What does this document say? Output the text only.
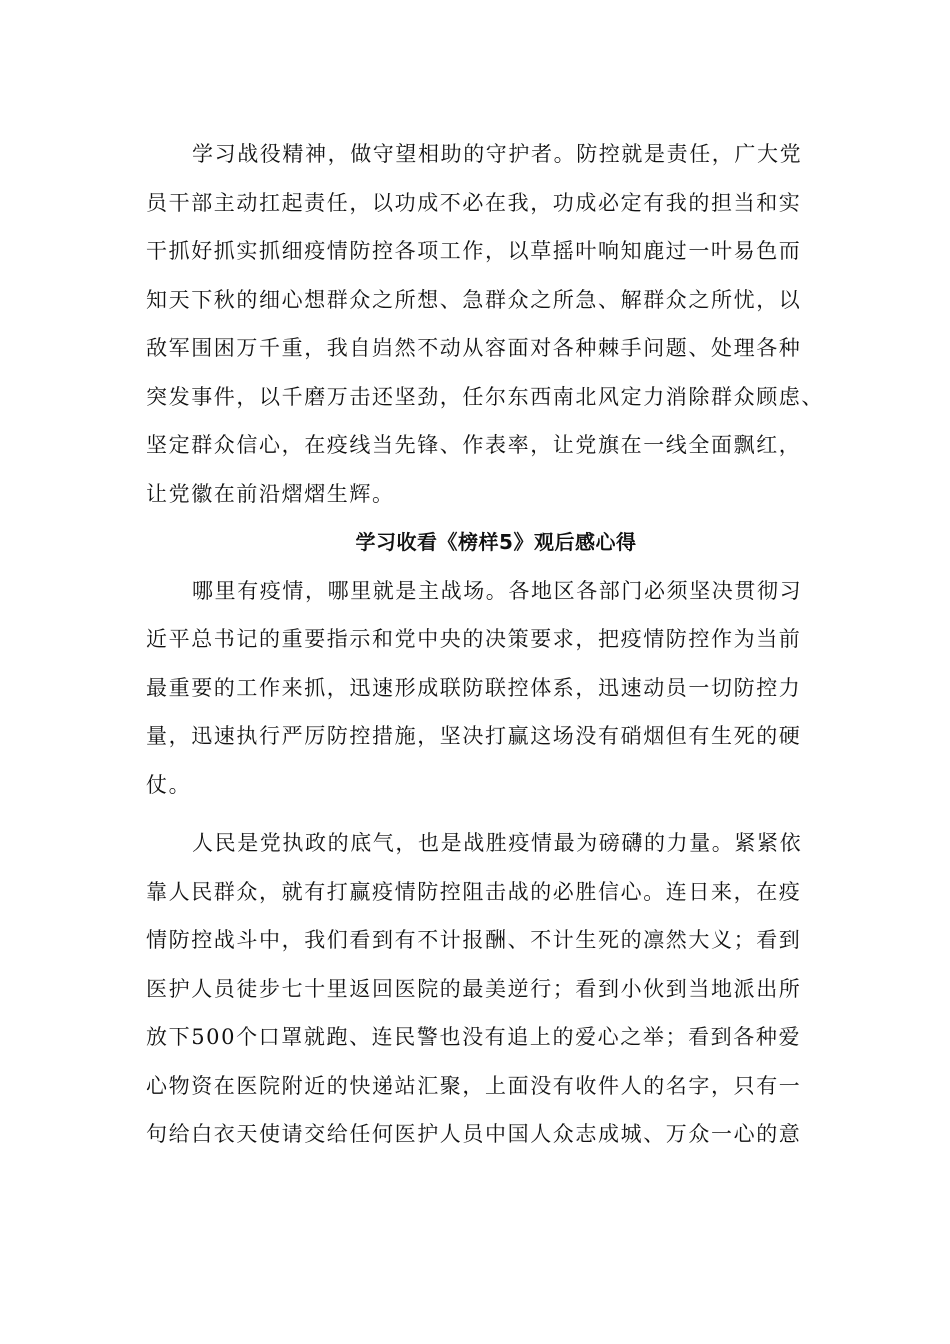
学习战役精神，做守望相助的守护者。防控就是责任，广大党
员干部主动扛起责任，以功成不必在我，功成必定有我的担当和实
干抓好抓实抓细疫情防控各项工作，以草摇叶响知鹿过一叶易色而
知天下秋的细心想群众之所想、急群众之所急、解群众之所忧，以
敌军围困万千重，我自岿然不动从容面对各种棘手问题、处理各种
突发事件，以千磨万击还坚劲，任尔东西南北风定力消除群众顾虑、
坚定群众信心，在疫线当先锋、作表率，让党旗在一线全面飘红，
让党徽在前沿熠熠生辉。
学习收看《榜样5》观后感心得
哪里有疫情，哪里就是主战场。各地区各部门必须坚决贯彻习
近平总书记的重要指示和党中央的决策要求，把疫情防控作为当前
最重要的工作来抓，迅速形成联防联控体系，迅速动员一切防控力
量，迅速执行严厉防控措施，坚决打赢这场没有硝烟但有生死的硬
仗。
人民是党执政的底气，也是战胜疫情最为磅礴的力量。紧紧依
靠人民群众，就有打赢疫情防控阻击战的必胜信心。连日来，在疫
情防控战斗中，我们看到有不计报酬、不计生死的凛然大义；看到
医护人员徒步七十里返回医院的最美逆行；看到小伙到当地派出所
放下500个口罩就跑、连民警也没有追上的爱心之举；看到各种爱
心物资在医院附近的快递站汇聚，上面没有收件人的名字，只有一
句给白衣天使请交给任何医护人员中国人众志成城、万众一心的意
